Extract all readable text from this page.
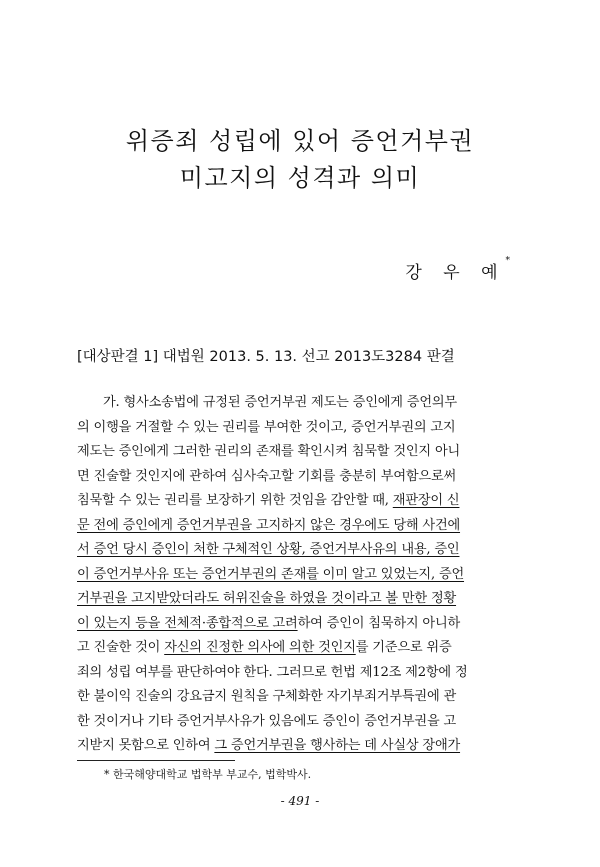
위증죄 성립에 있어 증언거부권
미고지의 성격과 의미
강 우 예*
[대상판결 1] 대법원 2013. 5. 13. 선고 2013도3284 판결
가. 형사소송법에 규정된 증언거부권 제도는 증인에게 증언의무
의 이행을 거절할 수 있는 권리를 부여한 것이고, 증언거부권의 고지
제도는 증인에게 그러한 권리의 존재를 확인시켜 침묵할 것인지 아니
면 진술할 것인지에 관하여 심사숙고할 기회를 충분히 부여함으로써
침묵할 수 있는 권리를 보장하기 위한 것임을 감안할 때, 재판장이 신
문 전에 증인에게 증언거부권을 고지하지 않은 경우에도 당해 사건에
서 증언 당시 증인이 처한 구체적인 상황, 증언거부사유의 내용, 증인
이 증언거부사유 또는 증언거부권의 존재를 이미 알고 있었는지, 증언
거부권을 고지받았더라도 허위진술을 하였을 것이라고 볼 만한 정황
이 있는지 등을 전체적·종합적으로 고려하여 증인이 침묵하지 아니하
고 진술한 것이 자신의 진정한 의사에 의한 것인지를 기준으로 위증
죄의 성립 여부를 판단하여야 한다. 그러므로 헌법 제12조 제2항에 정
한 불이익 진술의 강요금지 원칙을 구체화한 자기부죄거부특권에 관
한 것이거나 기타 증언거부사유가 있음에도 증인이 증언거부권을 고
지받지 못함으로 인하여 그 증언거부권을 행사하는 데 사실상 장애가
* 한국해양대학교 법학부 부교수, 법학박사.
- 491 -
